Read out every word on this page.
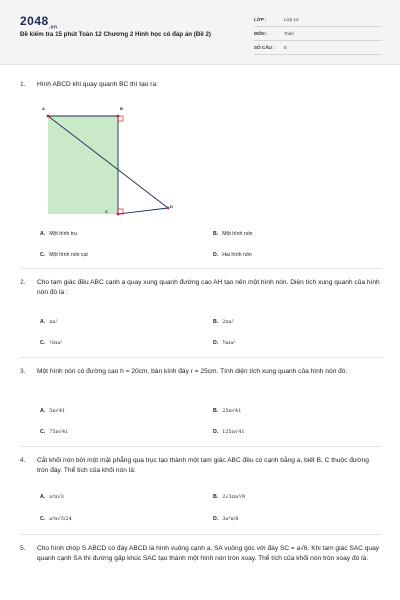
$2048_{.vn}$
Đề kiểm tra 15 phút Toán 12 Chương 2 Hình học có đáp án (Đề 2)
LỚP :	Lớp 12
MÔN :	Toán
SỐ CÂU : 8
1. Hình ABCD khi quay quanh BC thì tạo ra:
A	B
C
D
A. Một hình trụ	B. Một hình nón
C. Một hình nón cụt	D. Hai hình nón
2. Cho tam giác đều ABC cạnh a quay xung quanh đường cao AH tạo nên một hình nón. Diện tích xung quanh của hình nón đó là :
A. πa²	B. 2πa²
C. ½πa²	D. ¾πa²
3. Một hình nón có đường cao h = 20cm, bán kính đáy r = 25cm. Tính diện tích xung quanh của hình nón đó:
A. 5π√41	B. 25π√41
C. 75π√41	D. 125π√41
4. Cắt khối nón bởi một mặt phẳng qua trục tạo thành một tam giác ABC đều có cạnh bằng a, biết B, C thuộc đường tròn đáy. Thể tích của khối nón là:
A. a³π√3	B. 2√3πa³/9
C. a³π√3/24	D. 3a³π/8
5. Cho hình chóp S.ABCD có đáy ABCD là hình vuông cạnh a, SA vuông góc với đáy SC = a√6. Khi tam giác SAC quay quanh cạnh SA thì đường gấp khúc SAC tạo thành một hình nón tròn xoay. Thể tích của khối nón tròn xoay đó là:
